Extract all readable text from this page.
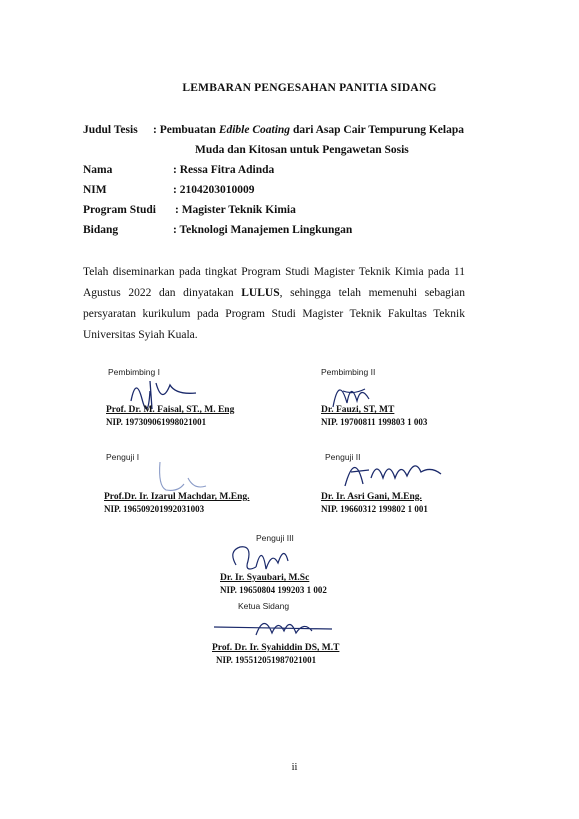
LEMBARAN PENGESAHAN PANITIA SIDANG
Judul Tesis : Pembuatan Edible Coating dari Asap Cair Tempurung Kelapa
Muda dan Kitosan untuk Pengawetan Sosis
Nama	: Ressa Fitra Adinda
NIM	: 2104203010009
Program Studi : Magister Teknik Kimia
Bidang	: Teknologi Manajemen Lingkungan
Telah diseminarkan pada tingkat Program Studi Magister Teknik Kimia pada 11 Agustus 2022 dan dinyatakan LULUS, sehingga telah memenuhi sebagian persyaratan kurikulum pada Program Studi Magister Teknik Fakultas Teknik Universitas Syiah Kuala.
Pembimbing I
Prof. Dr. M. Faisal, ST., M. Eng
NIP. 197309061998021001
Pembimbing II
Dr. Fauzi, ST, MT
NIP. 19700811 199803 1 003
Penguji I
Prof.Dr. Ir. Izarul Machdar, M.Eng.
NIP. 196509201992031003
Penguji II
Dr. Ir. Asri Gani, M.Eng.
NIP. 19660312 199802 1 001
Penguji III
Dr. Ir. Syaubari, M.Sc
NIP. 19650804 199203 1 002
Ketua Sidang
Prof. Dr. Ir. Syahiddin DS, M.T
NIP. 195512051987021001
ii
